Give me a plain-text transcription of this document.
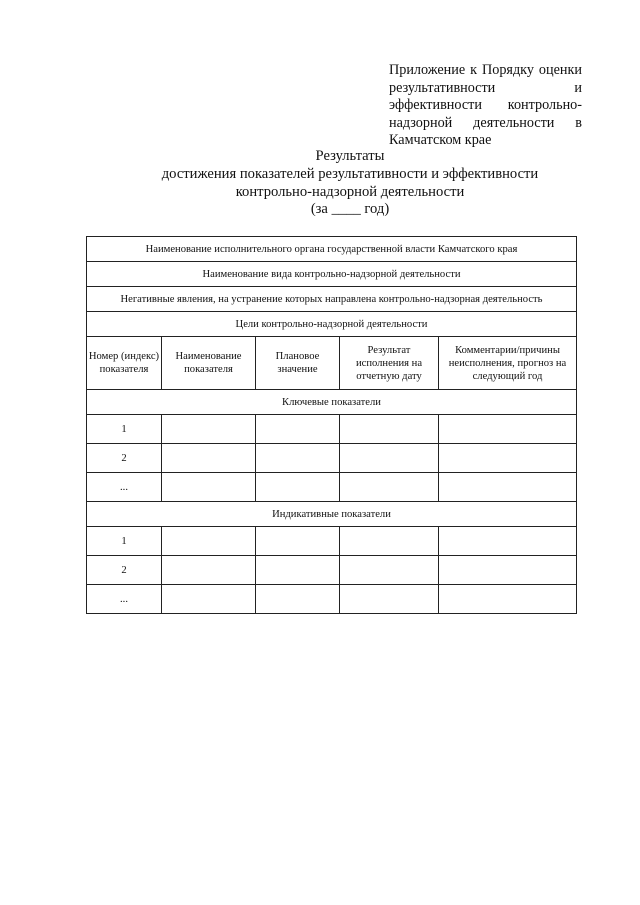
Приложение к Порядку оценки результативности и эффективности контрольно-надзорной деятельности в Камчатском крае
Результаты
достижения показателей результативности и эффективности
контрольно-надзорной деятельности
(за ____ год)
Наименование исполнительного органа государственной власти Камчатского края				
Наименование вида контрольно-надзорной деятельности				
Негативные явления, на устранение которых направлена контрольно-надзорная деятельность				
Цели контрольно-надзорной деятельности				
Номер (индекс) показателя	Наименование показателя	Плановое значение	Результат исполнения на отчетную дату	Комментарии/причины неисполнения, прогноз на следующий год
Ключевые показатели				
1				
2				
...				
Индикативные показатели				
1				
2				
...				
